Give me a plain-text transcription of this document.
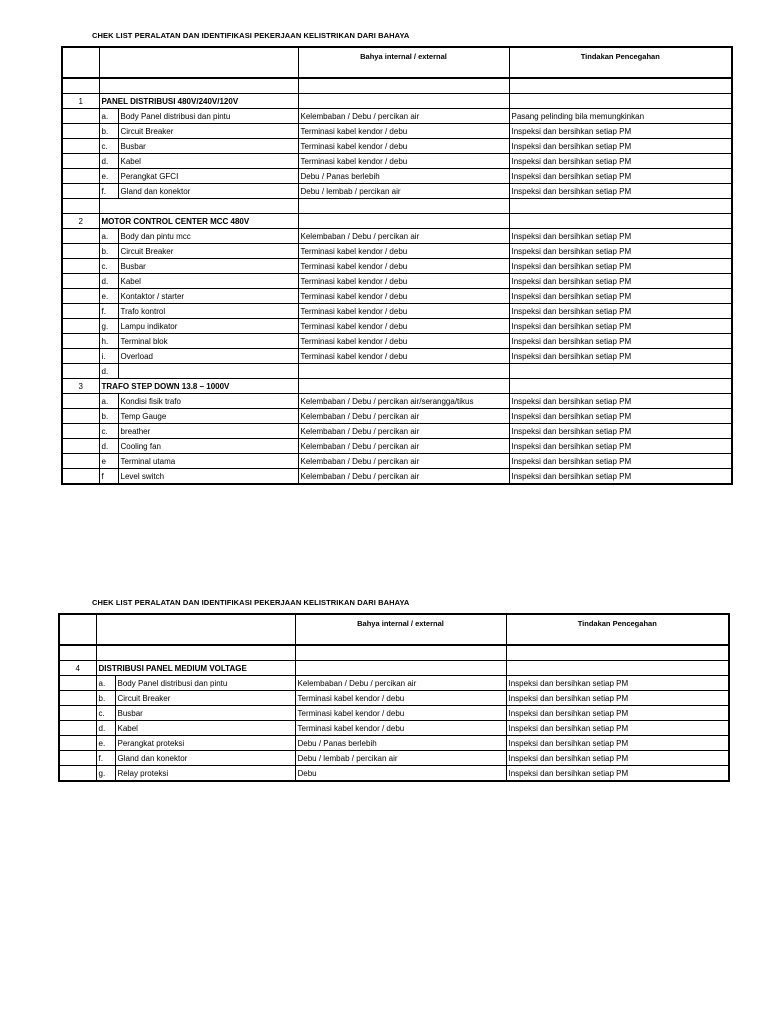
CHEK LIST PERALATAN DAN IDENTIFIKASI PEKERJAAN KELISTRIKAN DARI BAHAYA
			Bahya internal / external	Tindakan Pencegahan

1	PANEL DISTRIBUSI 480V/240V/120V			
	a.	Body Panel distribusi dan pintu	Kelembaban / Debu / percikan air	Pasang pelinding bila memungkinkan
	b.	Circuit Breaker	Terminasi kabel kendor / debu	Inspeksi dan bersihkan setiap PM
	c.	Busbar	Terminasi kabel kendor / debu	Inspeksi dan bersihkan setiap PM
	d.	Kabel	Terminasi kabel kendor / debu	Inspeksi dan bersihkan setiap PM
	e.	Perangkat GFCI	Debu / Panas berlebih	Inspeksi dan bersihkan setiap PM
	f.	Gland dan konektor	Debu / lembab / percikan air	Inspeksi dan bersihkan setiap PM

2	MOTOR CONTROL CENTER MCC 480V			
	a.	Body dan pintu mcc	Kelembaban / Debu / percikan air	Inspeksi dan bersihkan setiap PM
	b.	Circuit Breaker	Terminasi kabel kendor / debu	Inspeksi dan bersihkan setiap PM
	c.	Busbar	Terminasi kabel kendor / debu	Inspeksi dan bersihkan setiap PM
	d.	Kabel	Terminasi kabel kendor / debu	Inspeksi dan bersihkan setiap PM
	e.	Kontaktor / starter	Terminasi kabel kendor / debu	Inspeksi dan bersihkan setiap PM
	f.	Trafo kontrol	Terminasi kabel kendor / debu	Inspeksi dan bersihkan setiap PM
	g.	Lampu indikator	Terminasi kabel kendor / debu	Inspeksi dan bersihkan setiap PM
	h.	Terminal blok	Terminasi kabel kendor / debu	Inspeksi dan bersihkan setiap PM
	i.	Overload	Terminasi kabel kendor / debu	Inspeksi dan bersihkan setiap PM
	d.			
3	TRAFO STEP DOWN 13.8 – 1000V			
	a.	Kondisi fisik trafo	Kelembaban / Debu / percikan air/serangga/tikus	Inspeksi dan bersihkan setiap PM
	b.	Temp Gauge	Kelembaban / Debu / percikan air	Inspeksi dan bersihkan setiap PM
	c.	breather	Kelembaban / Debu / percikan air	Inspeksi dan bersihkan setiap PM
	d.	Cooling fan	Kelembaban / Debu / percikan air	Inspeksi dan bersihkan setiap PM
	e	Terminal utama	Kelembaban / Debu / percikan air	Inspeksi dan bersihkan setiap PM
	f	Level switch	Kelembaban / Debu / percikan air	Inspeksi dan bersihkan setiap PM
CHEK LIST PERALATAN DAN IDENTIFIKASI PEKERJAAN KELISTRIKAN DARI BAHAYA
			Bahya internal / external	Tindakan Pencegahan

4	DISTRIBUSI PANEL MEDIUM VOLTAGE			
	a.	Body Panel distribusi dan pintu	Kelembaban / Debu / percikan air	Inspeksi dan bersihkan setiap PM
	b.	Circuit Breaker	Terminasi kabel kendor / debu	Inspeksi dan bersihkan setiap PM
	c.	Busbar	Terminasi kabel kendor / debu	Inspeksi dan bersihkan setiap PM
	d.	Kabel	Terminasi kabel kendor / debu	Inspeksi dan bersihkan setiap PM
	e.	Perangkat proteksi	Debu / Panas berlebih	Inspeksi dan bersihkan setiap PM
	f.	Gland dan konektor	Debu / lembab / percikan air	Inspeksi dan bersihkan setiap PM
	g.	Relay proteksi	Debu	Inspeksi dan bersihkan setiap PM
